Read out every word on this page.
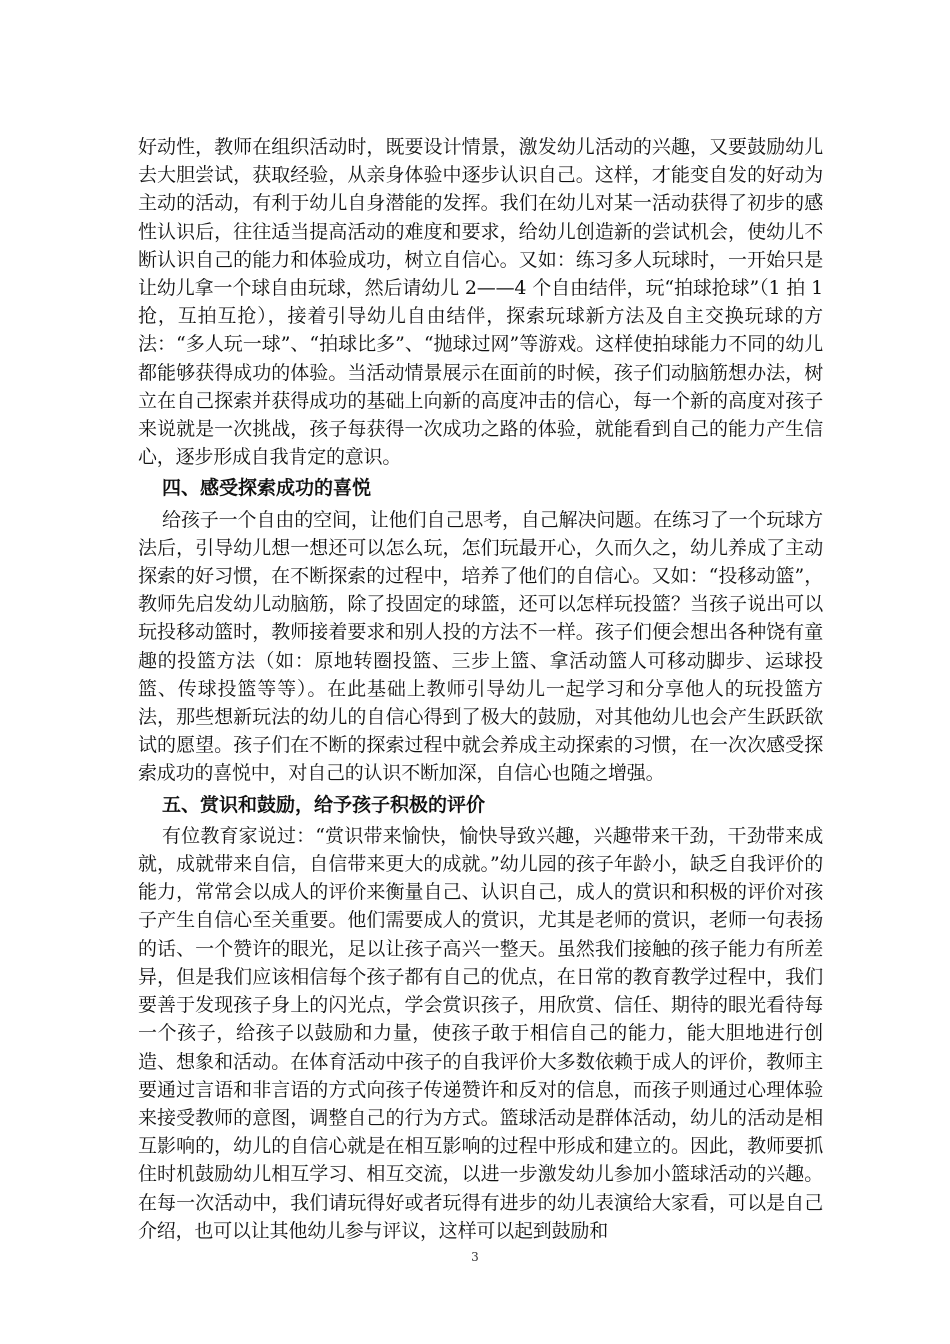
好动性，教师在组织活动时，既要设计情景，激发幼儿活动的兴趣，又要鼓励幼儿去大胆尝试，获取经验，从亲身体验中逐步认识自己。这样，才能变自发的好动为主动的活动，有利于幼儿自身潜能的发挥。我们在幼儿对某一活动获得了初步的感性认识后，往往适当提高活动的难度和要求，给幼儿创造新的尝试机会，使幼儿不断认识自己的能力和体验成功，树立自信心。又如：练习多人玩球时，一开始只是让幼儿拿一个球自由玩球，然后请幼儿 2——4 个自由结伴，玩“拍球抢球”（1 拍 1 抢，互拍互抢），接着引导幼儿自由结伴，探索玩球新方法及自主交换玩球的方法：“多人玩一球”、“拍球比多”、“抛球过网”等游戏。这样使拍球能力不同的幼儿都能够获得成功的体验。当活动情景展示在面前的时候，孩子们动脑筋想办法，树立在自己探索并获得成功的基础上向新的高度冲击的信心，每一个新的高度对孩子来说就是一次挑战，孩子每获得一次成功之路的体验，就能看到自己的能力产生信心，逐步形成自我肯定的意识。

四、感受探索成功的喜悦

给孩子一个自由的空间，让他们自己思考，自己解决问题。在练习了一个玩球方法后，引导幼儿想一想还可以怎么玩，怎们玩最开心，久而久之，幼儿养成了主动探索的好习惯，在不断探索的过程中，培养了他们的自信心。又如：“投移动篮”，教师先启发幼儿动脑筋，除了投固定的球篮，还可以怎样玩投篮？当孩子说出可以玩投移动篮时，教师接着要求和别人投的方法不一样。孩子们便会想出各种饶有童趣的投篮方法（如：原地转圈投篮、三步上篮、拿活动篮人可移动脚步、运球投篮、传球投篮等等）。在此基础上教师引导幼儿一起学习和分享他人的玩投篮方法，那些想新玩法的幼儿的自信心得到了极大的鼓励，对其他幼儿也会产生跃跃欲试的愿望。孩子们在不断的探索过程中就会养成主动探索的习惯，在一次次感受探索成功的喜悦中，对自己的认识不断加深，自信心也随之增强。

五、赏识和鼓励，给予孩子积极的评价

有位教育家说过：“赏识带来愉快，愉快导致兴趣，兴趣带来干劲，干劲带来成就，成就带来自信，自信带来更大的成就。”幼儿园的孩子年龄小，缺乏自我评价的能力，常常会以成人的评价来衡量自己、认识自己，成人的赏识和积极的评价对孩子产生自信心至关重要。他们需要成人的赏识，尤其是老师的赏识，老师一句表扬的话、一个赞许的眼光，足以让孩子高兴一整天。虽然我们接触的孩子能力有所差异，但是我们应该相信每个孩子都有自己的优点，在日常的教育教学过程中，我们要善于发现孩子身上的闪光点，学会赏识孩子，用欣赏、信任、期待的眼光看待每一个孩子，给孩子以鼓励和力量，使孩子敢于相信自己的能力，能大胆地进行创造、想象和活动。在体育活动中孩子的自我评价大多数依赖于成人的评价，教师主要通过言语和非言语的方式向孩子传递赞许和反对的信息，而孩子则通过心理体验来接受教师的意图，调整自己的行为方式。篮球活动是群体活动，幼儿的活动是相互影响的，幼儿的自信心就是在相互影响的过程中形成和建立的。因此，教师要抓住时机鼓励幼儿相互学习、相互交流，以进一步激发幼儿参加小篮球活动的兴趣。在每一次活动中，我们请玩得好或者玩得有进步的幼儿表演给大家看，可以是自己介绍，也可以让其他幼儿参与评议，这样可以起到鼓励和

3
